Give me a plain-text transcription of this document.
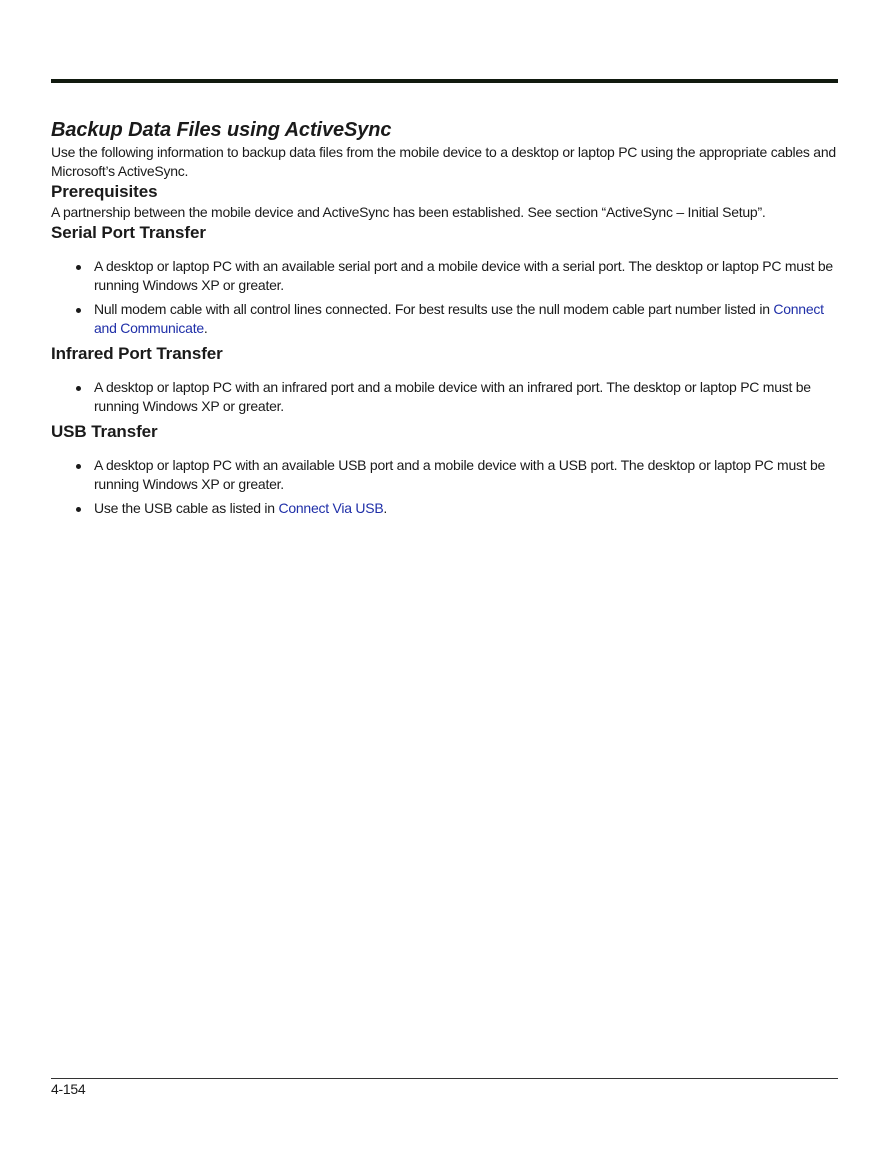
Backup Data Files using ActiveSync

Use the following information to backup data files from the mobile device to a desktop or laptop PC using the appropriate cables and Microsoft’s ActiveSync.

Prerequisites

A partnership between the mobile device and ActiveSync has been established. See section “ActiveSync – Initial Setup”.

Serial Port Transfer
A desktop or laptop PC with an available serial port and a mobile device with a serial port. The desktop or laptop PC must be running Windows XP or greater.
Null modem cable with all control lines connected. For best results use the null modem cable part number listed in Connect and Communicate.
Infrared Port Transfer
A desktop or laptop PC with an infrared port and a mobile device with an infrared port. The desktop or laptop PC must be running Windows XP or greater.
USB Transfer
A desktop or laptop PC with an available USB port and a mobile device with a USB port. The desktop or laptop PC must be running Windows XP or greater.
Use the USB cable as listed in Connect Via USB.
4-154
